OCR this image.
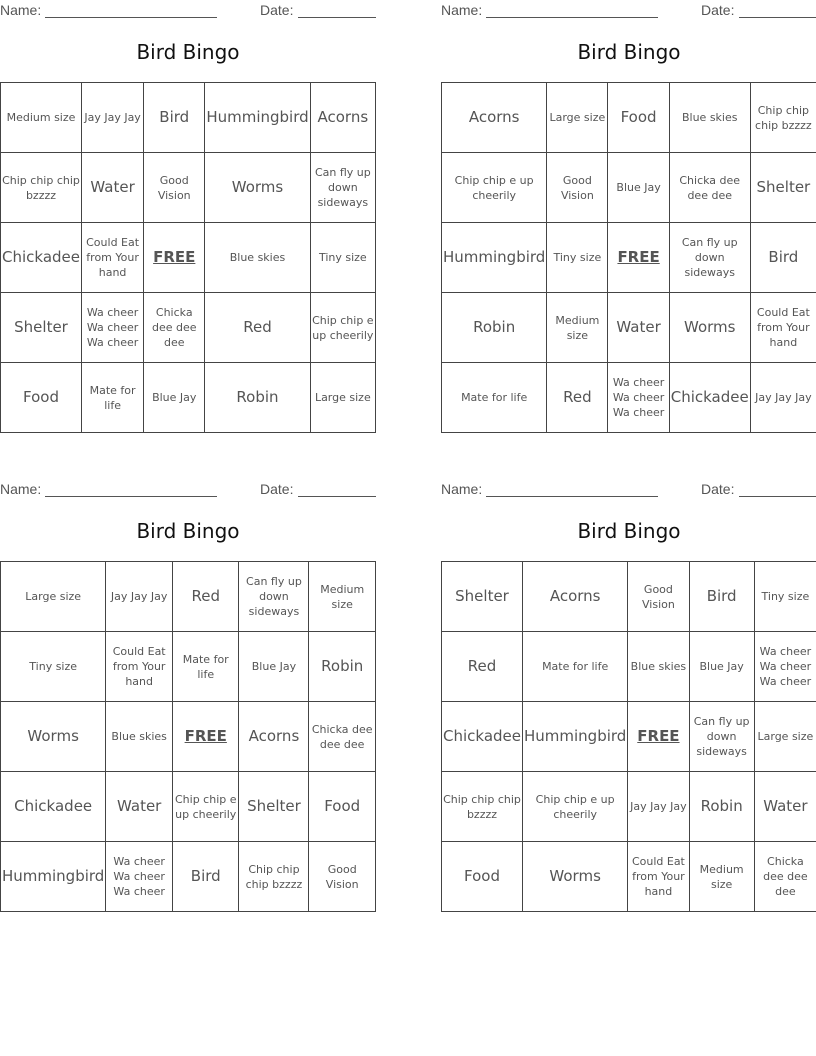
Name:	Date:
Bird Bingo
Medium size	Jay Jay Jay	Bird	Hummingbird	Acorns
Chip chip chip bzzzz	Water	Good Vision	Worms	Can fly up down sideways
Chickadee	Could Eat from Your hand	FREE	Blue skies	Tiny size
Shelter	Wa cheer Wa cheer Wa cheer	Chicka dee dee dee	Red	Chip chip e up cheerily
Food	Mate for life	Blue Jay	Robin	Large size
Name:	Date:
Bird Bingo
Acorns	Large size	Food	Blue skies	Chip chip chip bzzzz
Chip chip e up cheerily	Good Vision	Blue Jay	Chicka dee dee dee	Shelter
Hummingbird	Tiny size	FREE	Can fly up down sideways	Bird
Robin	Medium size	Water	Worms	Could Eat from Your hand
Mate for life	Red	Wa cheer Wa cheer Wa cheer	Chickadee	Jay Jay Jay
Name:	Date:
Bird Bingo
Large size	Jay Jay Jay	Red	Can fly up down sideways	Medium size
Tiny size	Could Eat from Your hand	Mate for life	Blue Jay	Robin
Worms	Blue skies	FREE	Acorns	Chicka dee dee dee
Chickadee	Water	Chip chip e up cheerily	Shelter	Food
Hummingbird	Wa cheer Wa cheer Wa cheer	Bird	Chip chip chip bzzzz	Good Vision
Name:	Date:
Bird Bingo
Shelter	Acorns	Good Vision	Bird	Tiny size
Red	Mate for life	Blue skies	Blue Jay	Wa cheer Wa cheer Wa cheer
Chickadee	Hummingbird	FREE	Can fly up down sideways	Large size
Chip chip chip bzzzz	Chip chip e up cheerily	Jay Jay Jay	Robin	Water
Food	Worms	Could Eat from Your hand	Medium size	Chicka dee dee dee
